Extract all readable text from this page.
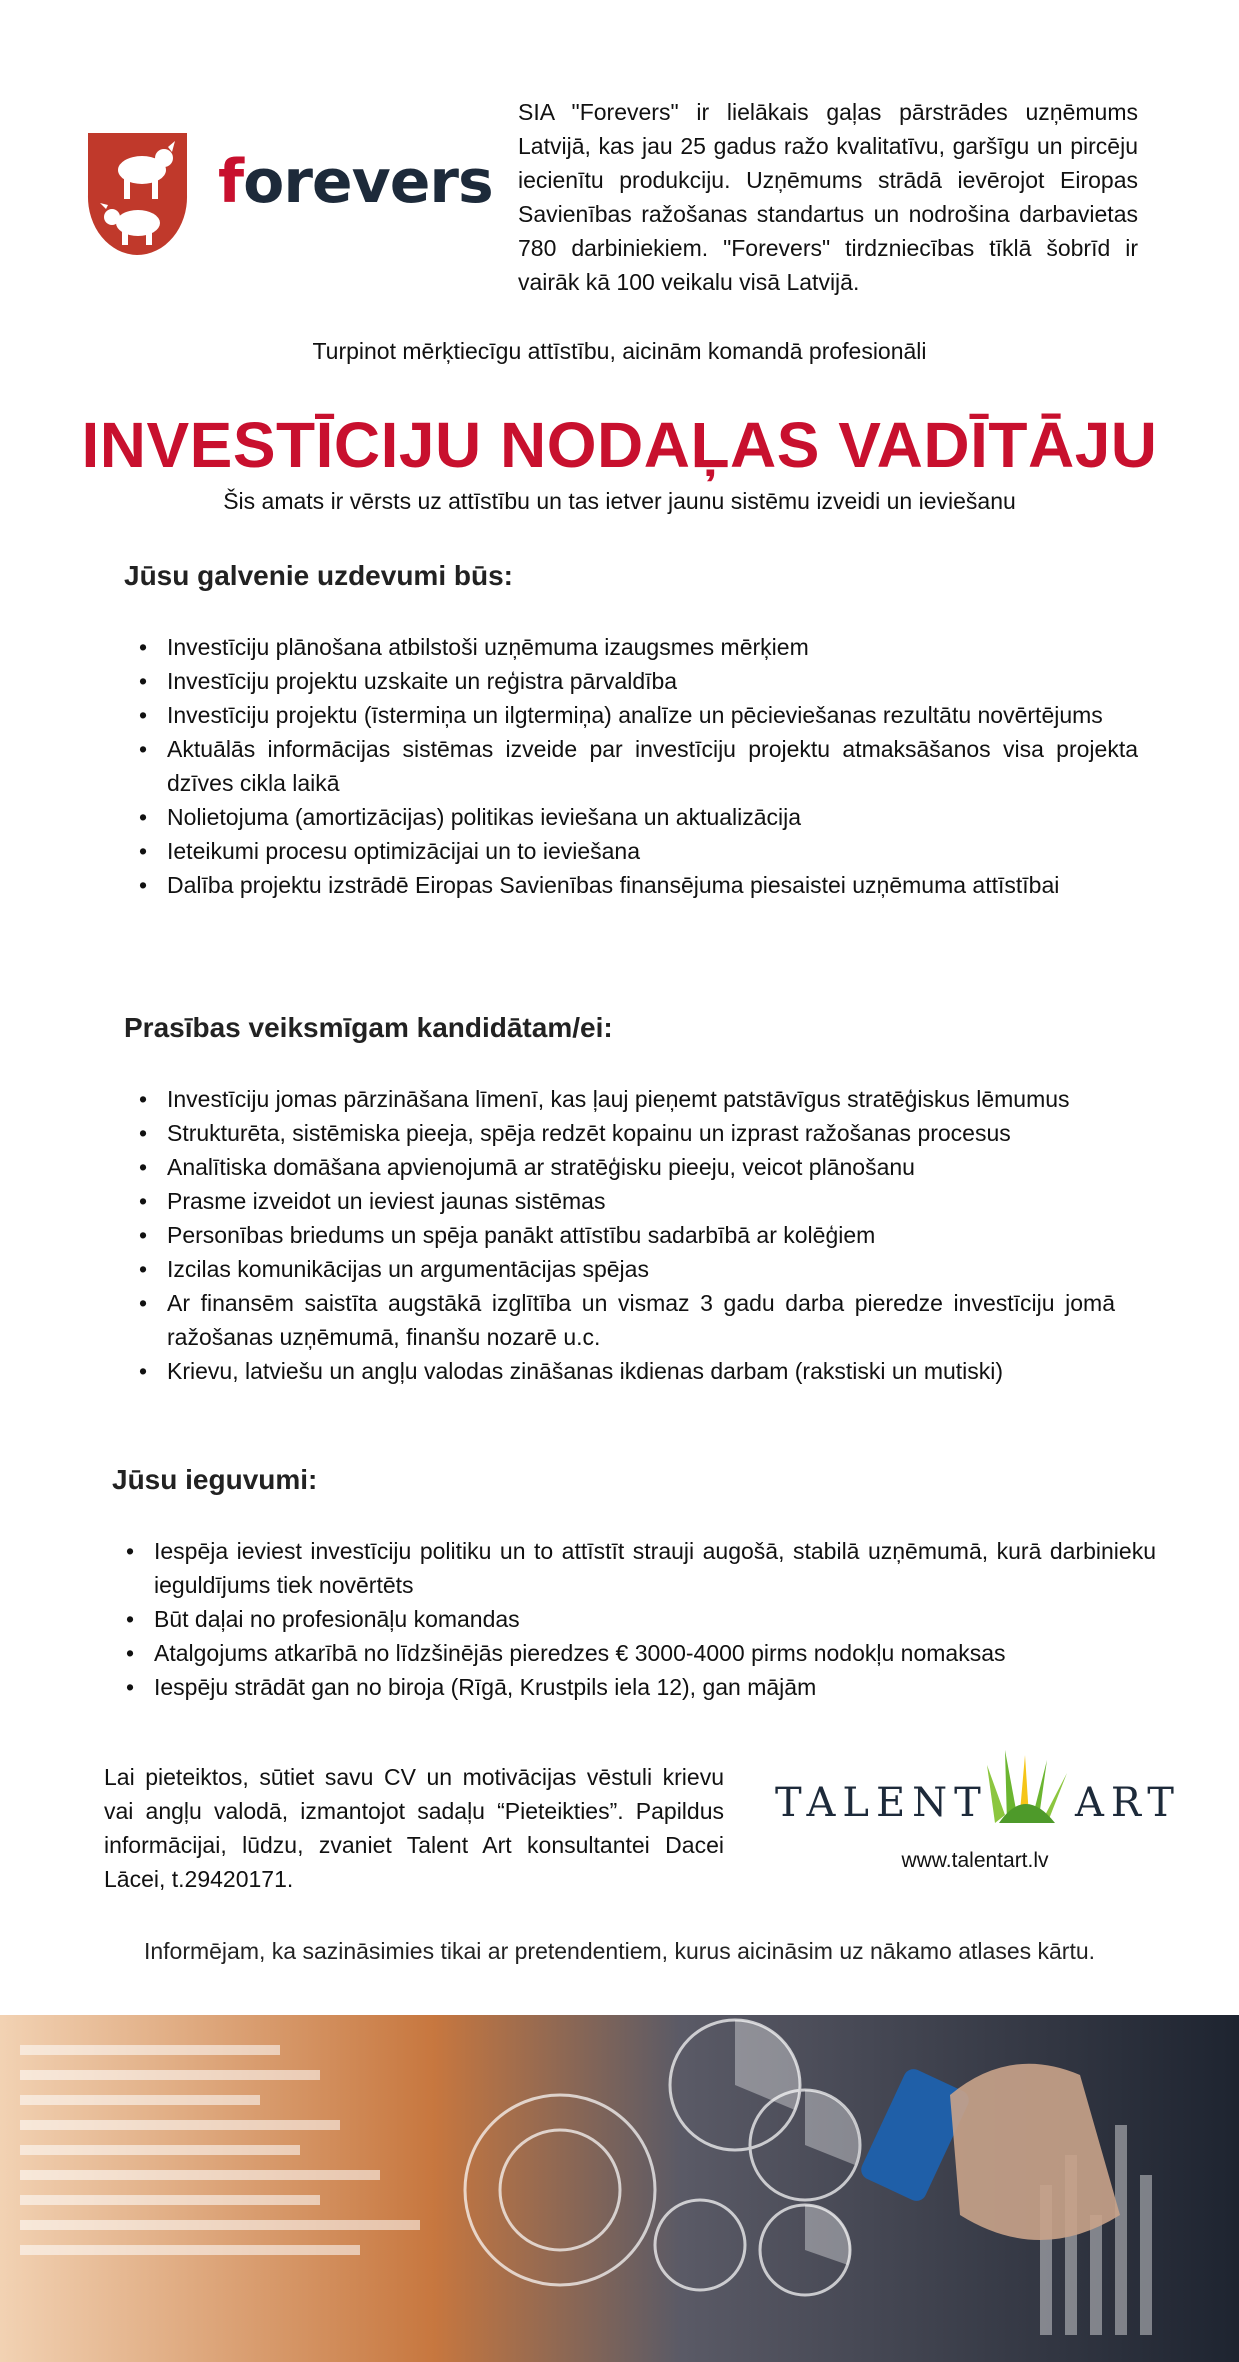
forevers
SIA "Forevers" ir lielākais gaļas pārstrādes uzņēmums Latvijā, kas jau 25 gadus ražo kvalitatīvu, garšīgu un pircēju iecienītu produkciju. Uzņēmums strādā ievērojot Eiropas Savienības ražošanas standartus un nodrošina darbavietas 780 darbiniekiem. "Forevers" tirdzniecības tīklā šobrīd ir vairāk kā 100 veikalu visā Latvijā.
Turpinot mērķtiecīgu attīstību, aicinām komandā profesionāli
INVESTĪCIJU NODAĻAS VADĪTĀJU
Šis amats ir vērsts uz attīstību un tas ietver jaunu sistēmu izveidi un ieviešanu
Jūsu galvenie uzdevumi būs:
• Investīciju plānošana atbilstoši uzņēmuma izaugsmes mērķiem
• Investīciju projektu uzskaite un reģistra pārvaldība
• Investīciju projektu (īstermiņa un ilgtermiņa) analīze un pēcieviešanas rezultātu novērtējums
• Aktuālās informācijas sistēmas izveide par investīciju projektu atmaksāšanos visa projekta dzīves cikla laikā
• Nolietojuma (amortizācijas) politikas ieviešana un aktualizācija
• Ieteikumi procesu optimizācijai un to ieviešana
• Dalība projektu izstrādē Eiropas Savienības finansējuma piesaistei uzņēmuma attīstībai
Prasības veiksmīgam kandidātam/ei:
• Investīciju jomas pārzināšana līmenī, kas ļauj pieņemt patstāvīgus stratēģiskus lēmumus
• Strukturēta, sistēmiska pieeja, spēja redzēt kopainu un izprast ražošanas procesus
• Analītiska domāšana apvienojumā ar stratēģisku pieeju, veicot plānošanu
• Prasme izveidot un ieviest jaunas sistēmas
• Personības briedums un spēja panākt attīstību sadarbībā ar kolēģiem
• Izcilas komunikācijas un argumentācijas spējas
• Ar finansēm saistīta augstākā izglītība un vismaz 3 gadu darba pieredze investīciju jomā ražošanas uzņēmumā, finanšu nozarē u.c.
• Krievu, latviešu un angļu valodas zināšanas ikdienas darbam (rakstiski un mutiski)
Jūsu ieguvumi:
• Iespēja ieviest investīciju politiku un to attīstīt strauji augošā, stabilā uzņēmumā, kurā darbinieku ieguldījums tiek novērtēts
• Būt daļai no profesionāļu komandas
• Atalgojums atkarībā no līdzšinējās pieredzes € 3000-4000 pirms nodokļu nomaksas
• Iespēju strādāt gan no biroja (Rīgā, Krustpils iela 12), gan mājām
Lai pieteiktos, sūtiet savu CV un motivācijas vēstuli krievu vai angļu valodā, izmantojot sadaļu “Pieteikties”. Papildus informācijai, lūdzu, zvaniet Talent Art konsultantei Dacei Lācei, t.29420171.
TALENT ART
www.talentart.lv
Informējam, ka sazināsimies tikai ar pretendentiem, kurus aicināsim uz nākamo atlases kārtu.
